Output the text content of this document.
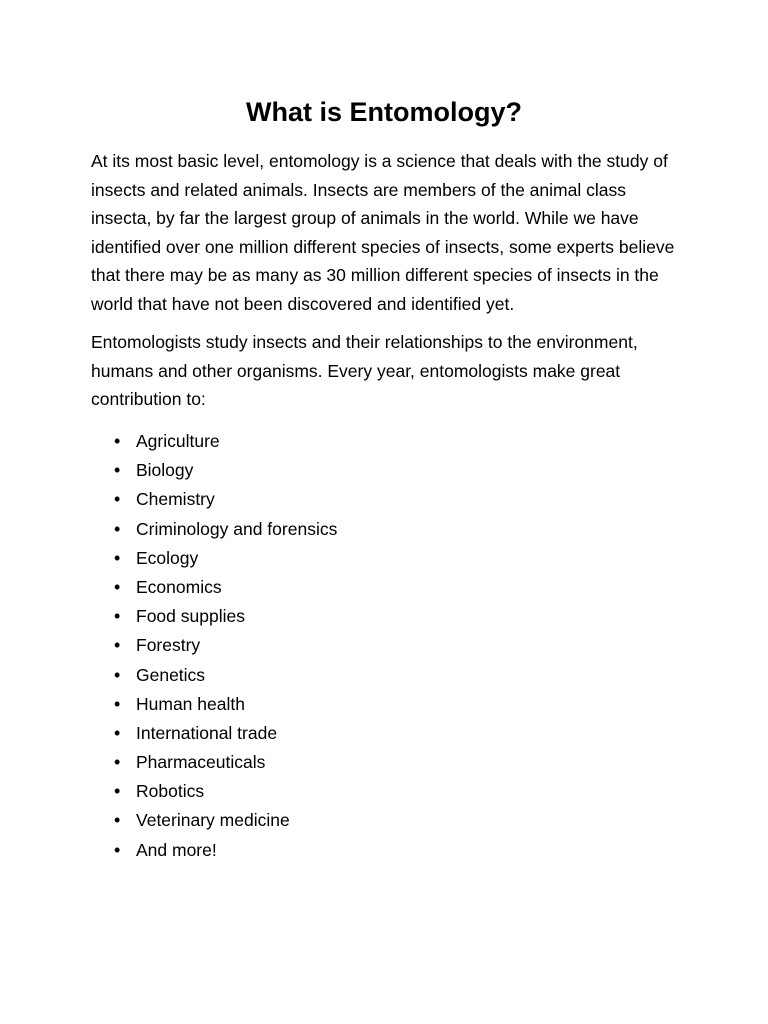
What is Entomology?

At its most basic level, entomology is a science that deals with the study of insects and related animals. Insects are members of the animal class insecta, by far the largest group of animals in the world. While we have identified over one million different species of insects, some experts believe that there may be as many as 30 million different species of insects in the world that have not been discovered and identified yet.

Entomologists study insects and their relationships to the environment, humans and other organisms. Every year, entomologists make great contribution to:

• Agriculture
• Biology
• Chemistry
• Criminology and forensics
• Ecology
• Economics
• Food supplies
• Forestry
• Genetics
• Human health
• International trade
• Pharmaceuticals
• Robotics
• Veterinary medicine
• And more!
